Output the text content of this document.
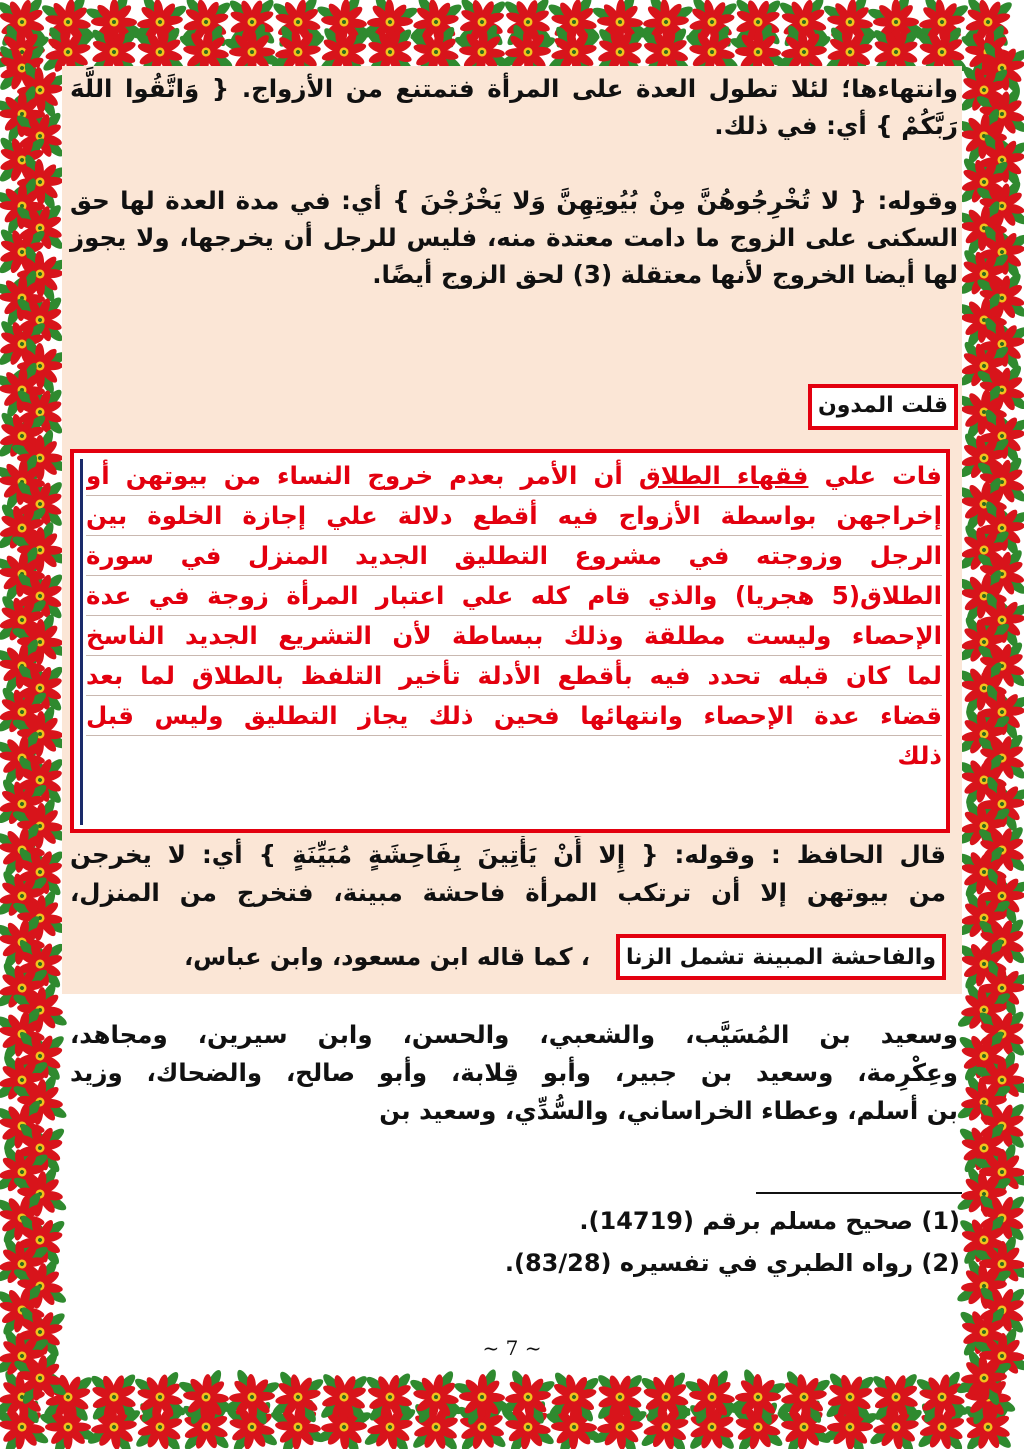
وانتهاءها؛ لئلا تطول العدة على المرأة فتمتنع من الأزواج. { وَاتَّقُوا اللَّهَ رَبَّكُمْ } أي: في ذلك.

وقوله: { لا تُخْرِجُوهُنَّ مِنْ بُيُوتِهِنَّ وَلا يَخْرُجْنَ } أي: في مدة العدة لها حق السكنى على الزوج ما دامت معتدة منه، فليس للرجل أن يخرجها، ولا يجوز لها أيضا الخروج لأنها معتقلة (3) لحق الزوج أيضًا.

قلت المدون
فات علي فقهاء الطلاق أن الأمر بعدم خروج النساء من بيوتهن أو
إخراجهن بواسطة الأزواج فيه أقطع دلالة علي إجازة الخلوة بين
الرجل وزوجته في مشروع التطليق الجديد المنزل في سورة
الطلاق(5 هجريا) والذي قام كله علي اعتبار المرأة زوجة في عدة
الإحصاء وليست مطلقة وذلك ببساطة لأن التشريع الجديد الناسخ
لما كان قبله تحدد فيه بأقطع الأدلة تأخير التلفظ بالطلاق لما بعد
قضاء عدة الإحصاء وانتهائها فحين ذلك يجاز التطليق وليس قبل
ذلك
قال الحافظ : وقوله: { إِلا أَنْ يَأْتِينَ بِفَاحِشَةٍ مُبَيِّنَةٍ } أي: لا يخرجن
من بيوتهن إلا أن ترتكب المرأة فاحشة مبينة، فتخرج من المنزل،
والفاحشة المبينة تشمل الزنا
، كما قاله ابن مسعود، وابن عباس،
وسعيد بن المُسَيَّب، والشعبي، والحسن، وابن سيرين، ومجاهد،
وعِكْرِمة، وسعيد بن جبير، وأبو قِلابة، وأبو صالح، والضحاك، وزيد
بن أسلم، وعطاء الخراساني، والسُّدِّي، وسعيد بن
(1) صحيح مسلم برقم (14719).
(2) رواه الطبري في تفسيره (83/28).
~ 7 ~
